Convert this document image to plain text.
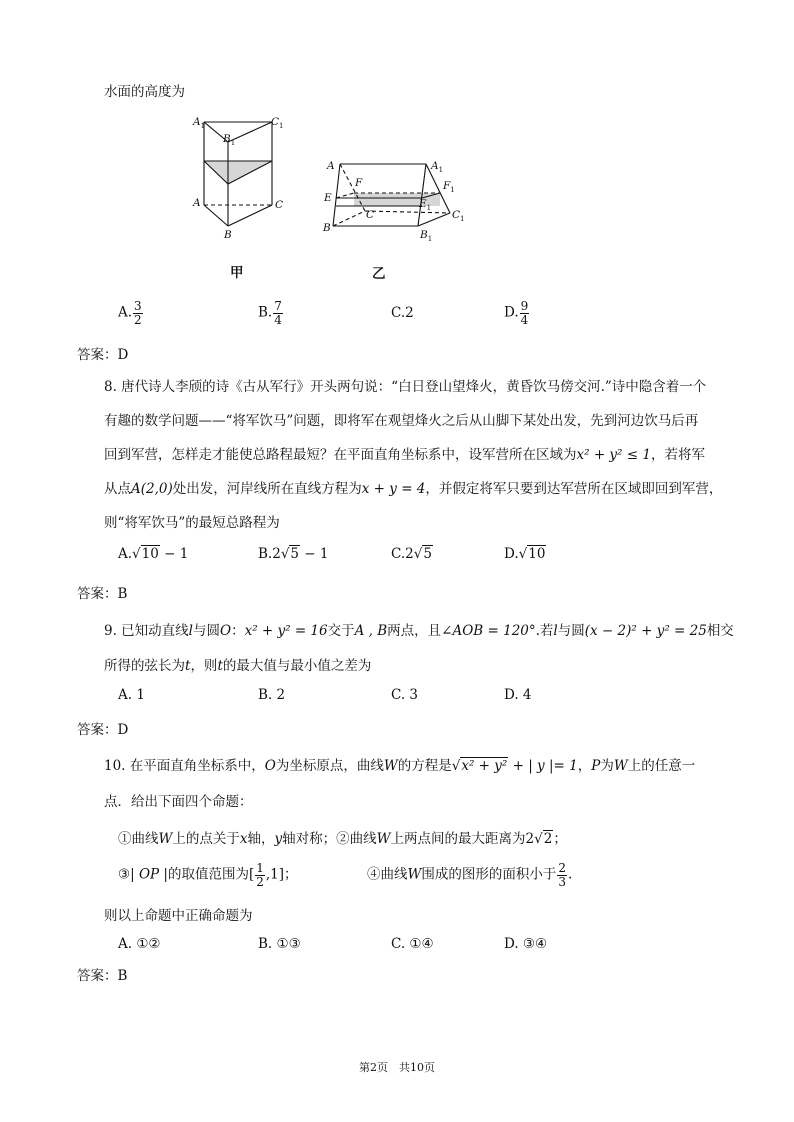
水面的高度为
$A_1$	$C_1$
$B_1$
A	C
B
A	$A_1$
F	$F_1$
E	$E_1$
C	$C_1$
B
$B_1$
甲	乙
A. $\frac{3}{2}$	B. $\frac{7}{4}$	C.2	D. $\frac{9}{4}$
答案：D
8. 唐代诗人李颀的诗《古从军行》开头两句说：“白日登山望烽火，黄昏饮马傍交河.”诗中隐含着一个
有趣的数学问题——“将军饮马”问题，即将军在观望烽火之后从山脚下某处出发，先到河边饮马后再
回到军营，怎样走才能使总路程最短？在平面直角坐标系中，设军营所在区域为x² + y² ≤ 1，若将军
从点A(2,0)处出发，河岸线所在直线方程为x + y = 4，并假定将军只要到达军营所在区域即回到军营，
则“将军饮马”的最短总路程为
A.√10 − 1	B.2√5 − 1	C.2√5	D.√10
答案：B
9. 已知动直线l与圆O：x² + y² = 16交于A , B两点，且∠AOB = 120°.若l与圆(x − 2)² + y² = 25相交
所得的弦长为t，则t的最大值与最小值之差为
A. 1	B. 2	C. 3	D. 4
答案：D
10. 在平面直角坐标系中，O为坐标原点，曲线W的方程是√x² + y² + | y |= 1，P为W上的任意一
点．给出下面四个命题：
①曲线W上的点关于x轴，y轴对称；②曲线W上两点间的最大距离为2√2；
③| OP |的取值范围为[ $\frac{1}{2} ,1$]；	④曲线W围成的图形的面积小于 $\frac{2}{3}$ .
则以上命题中正确命题为
A. ①②	B. ①③	C. ①④	D. ③④
答案：B
第2页　共10页
